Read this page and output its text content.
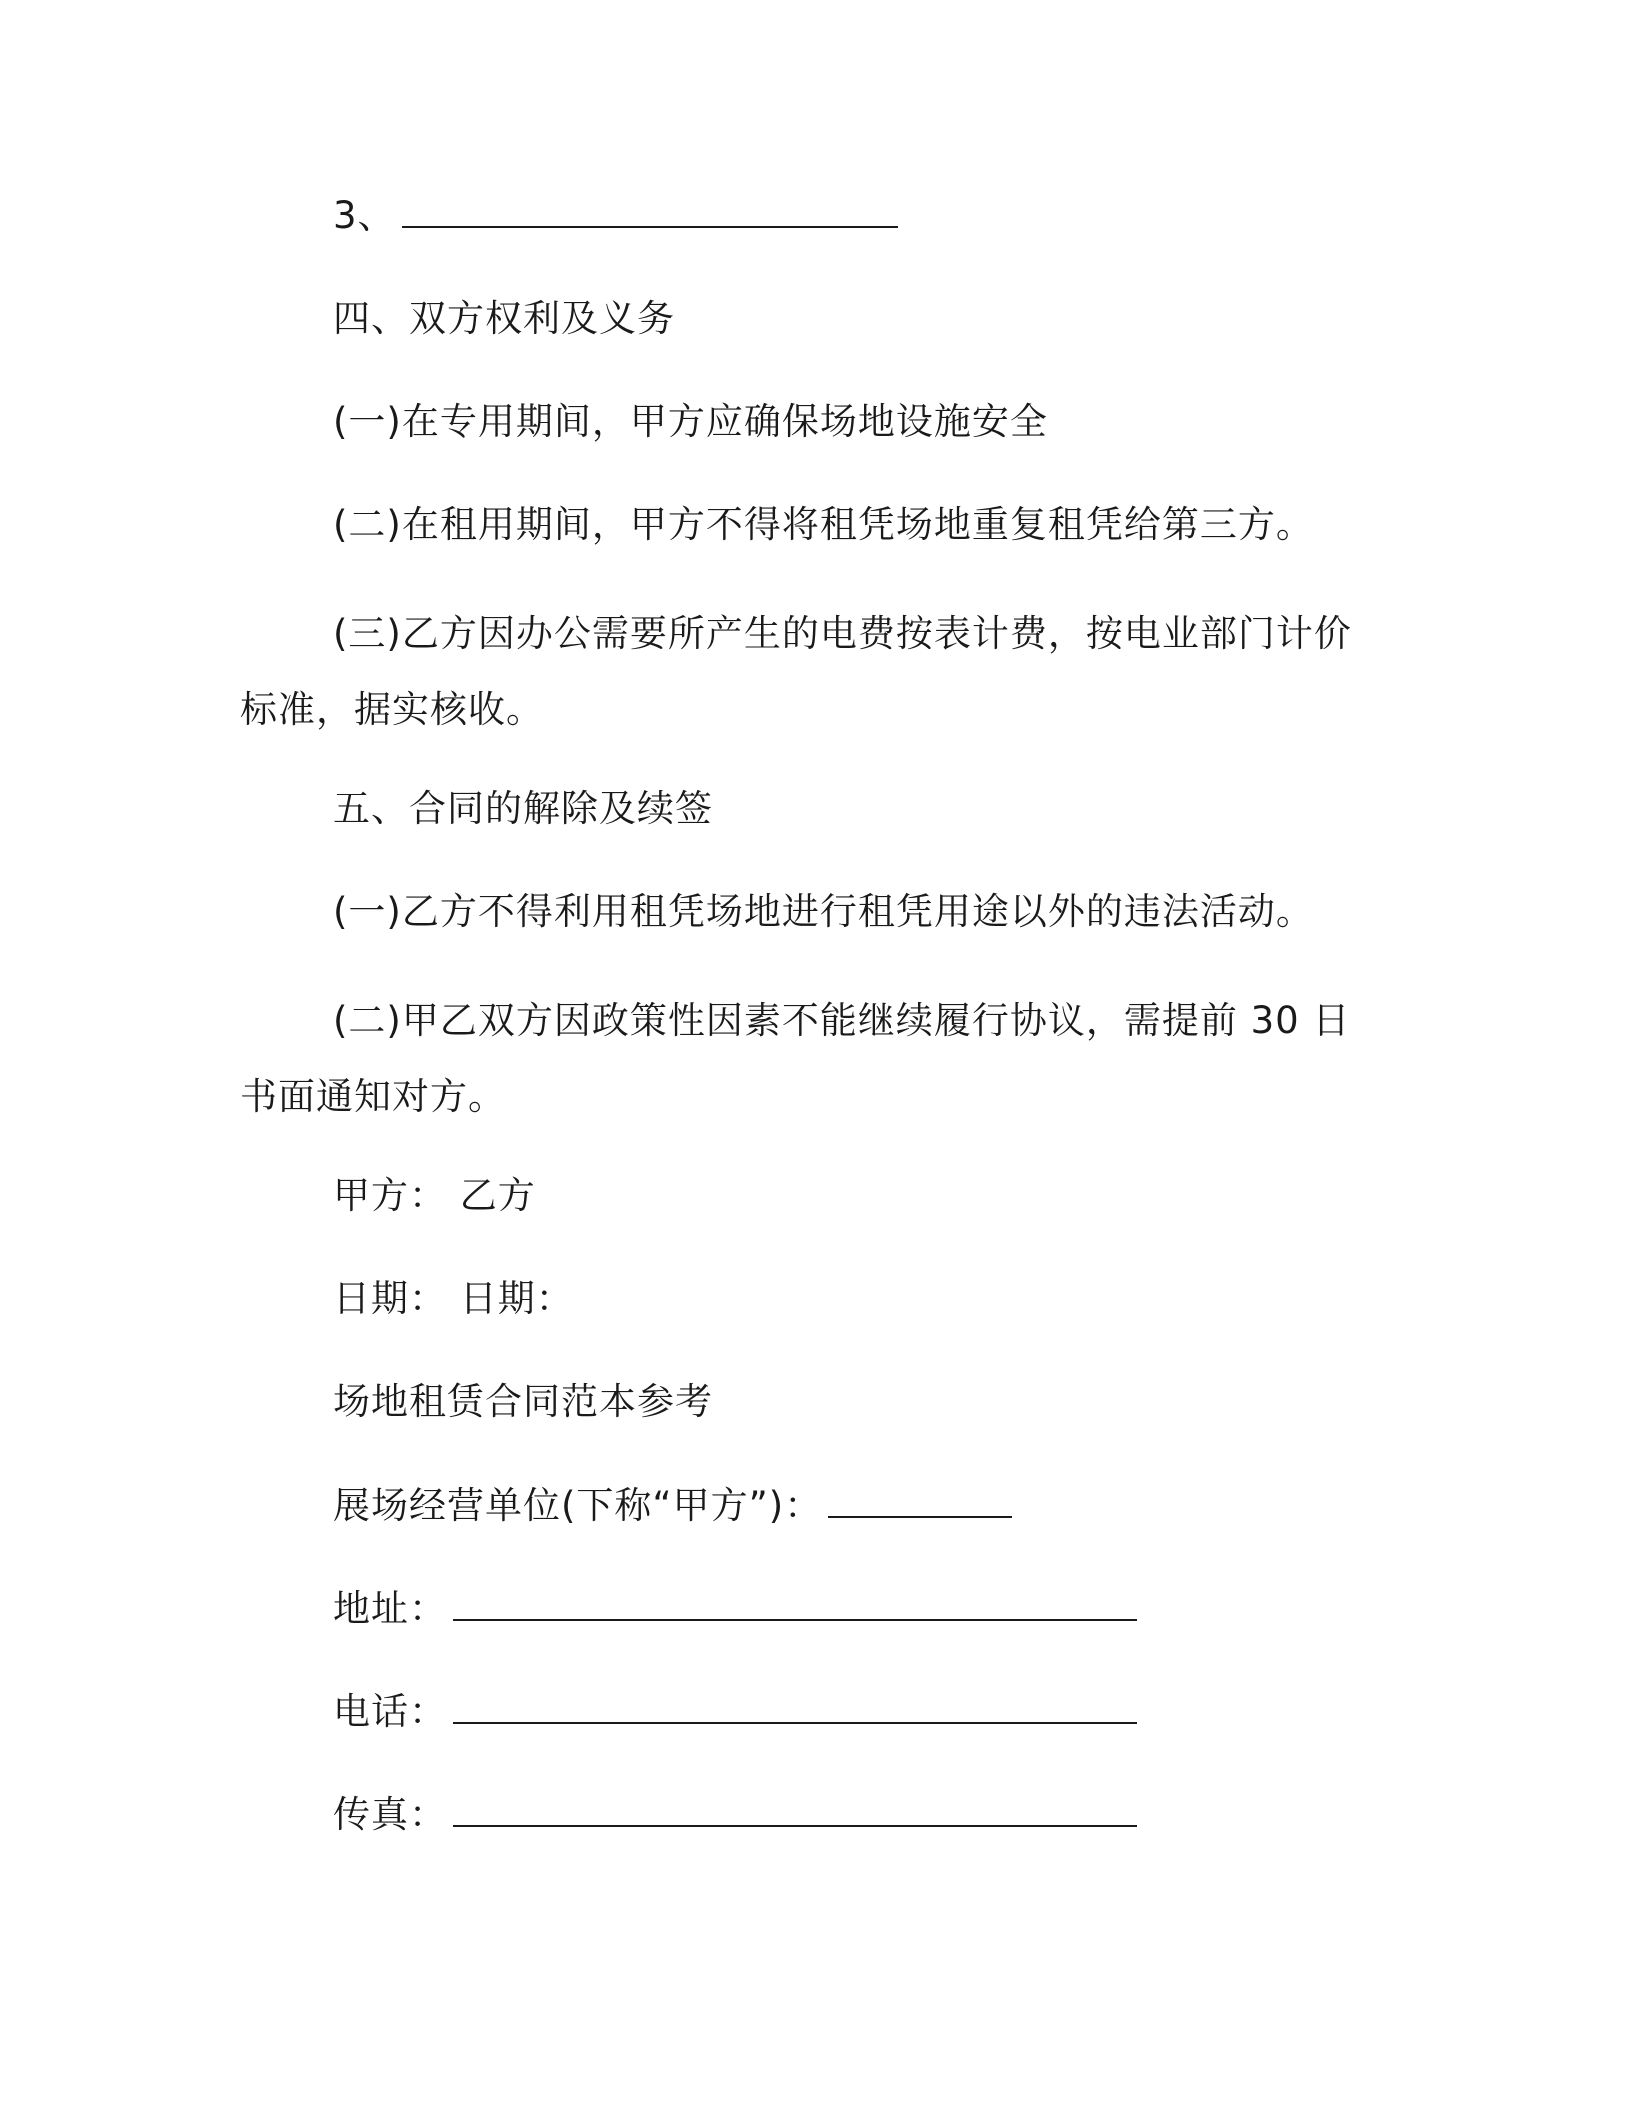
3、
四、双方权利及义务
(一)在专用期间，甲方应确保场地设施安全
(二)在租用期间，甲方不得将租凭场地重复租凭给第三方。
(三)乙方因办公需要所产生的电费按表计费，按电业部门计价标准，据实核收。
五、合同的解除及续签
(一)乙方不得利用租凭场地进行租凭用途以外的违法活动。
(二)甲乙双方因政策性因素不能继续履行协议，需提前 30 日书面通知对方。
甲方： 乙方
日期： 日期：
场地租赁合同范本参考
展场经营单位(下称“甲方”)：
地址：
电话：
传真：
